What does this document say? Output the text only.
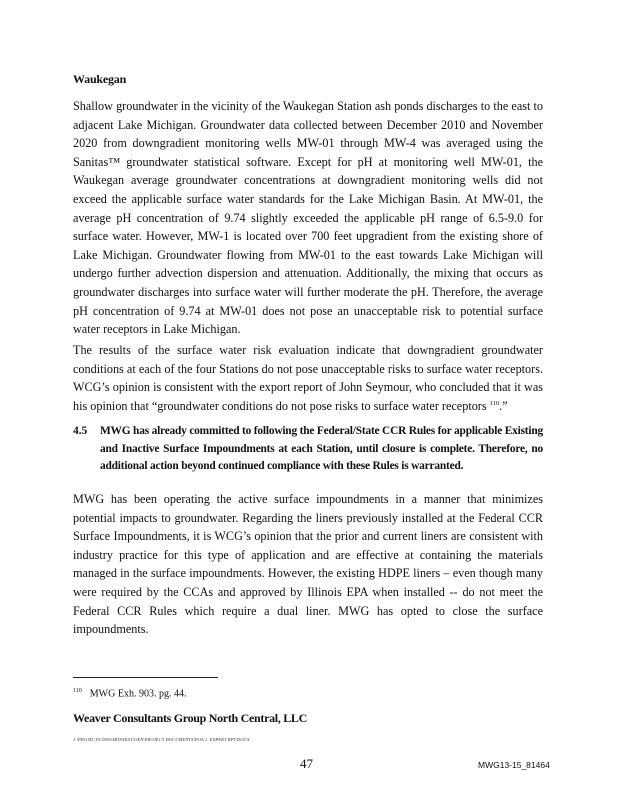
Waukegan
Shallow groundwater in the vicinity of the Waukegan Station ash ponds discharges to the east to adjacent Lake Michigan. Groundwater data collected between December 2010 and November 2020 from downgradient monitoring wells MW-01 through MW-4 was averaged using the Sanitas™ groundwater statistical software. Except for pH at monitoring well MW-01, the Waukegan average groundwater concentrations at downgradient monitoring wells did not exceed the applicable surface water standards for the Lake Michigan Basin. At MW-01, the average pH concentration of 9.74 slightly exceeded the applicable pH range of 6.5-9.0 for surface water. However, MW-1 is located over 700 feet upgradient from the existing shore of Lake Michigan. Groundwater flowing from MW-01 to the east towards Lake Michigan will undergo further advection dispersion and attenuation. Additionally, the mixing that occurs as groundwater discharges into surface water will further moderate the pH. Therefore, the average pH concentration of 9.74 at MW-01 does not pose an unacceptable risk to potential surface water receptors in Lake Michigan.
The results of the surface water risk evaluation indicate that downgradient groundwater conditions at each of the four Stations do not pose unacceptable risks to surface water receptors. WCG’s opinion is consistent with the export report of John Seymour, who concluded that it was his opinion that “groundwater conditions do not pose risks to surface water receptors $^{110}$.”
4.5	MWG has already committed to following the Federal/State CCR Rules for applicable Existing and Inactive Surface Impoundments at each Station, until closure is complete. Therefore, no additional action beyond continued compliance with these Rules is warranted.
MWG has been operating the active surface impoundments in a manner that minimizes potential impacts to groundwater. Regarding the liners previously installed at the Federal CCR Surface Impoundments, it is WCG’s opinion that the prior and current liners are consistent with industry practice for this type of application and are effective at containing the materials managed in the surface impoundments. However, the existing HDPE liners – even though many were required by the CCAs and approved by Illinois EPA when installed -- do not meet the Federal CCR Rules which require a dual liner. MWG has opted to close the surface impoundments.
$^{110}$ MWG Exh. 903. pg. 44.
Weaver Consultants Group North Central, LLC
J:\PROJECTS\5590\MIDWEST\GEN\PROJECT DOCUMENTS\POA 1. EXPERT RPT.DOCX
47	MWG13-15_81464
